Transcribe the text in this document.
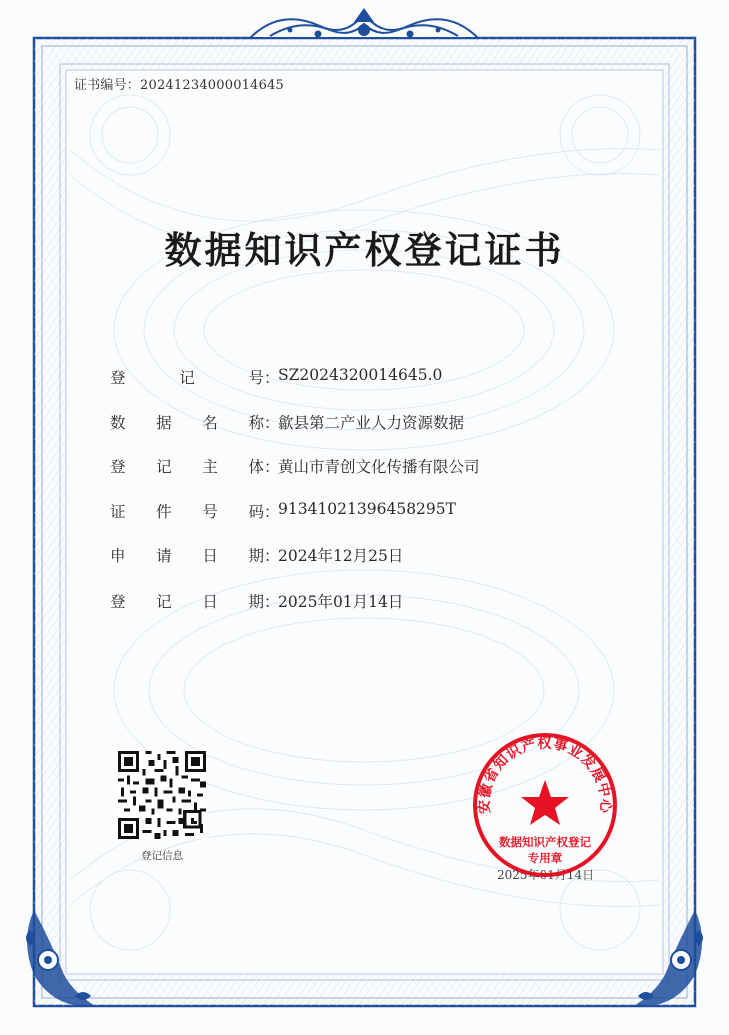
证书编号：20241234000014645
数据知识产权登记证书
登	记	号 ：
SZ2024320014645.0
数 据 名 称 ：
歙县第二产业人力资源数据
登 记 主 体 ：
黄山市青创文化传播有限公司
证 件 号 码 ：
91341021396458295T
申 请 日 期 ：
2024年12月25日
登 记 日 期 ：
2025年01月14日
登记信息
2025年01月14日
安徽省知识产权事业发展中心
数据知识产权登记
专用章
